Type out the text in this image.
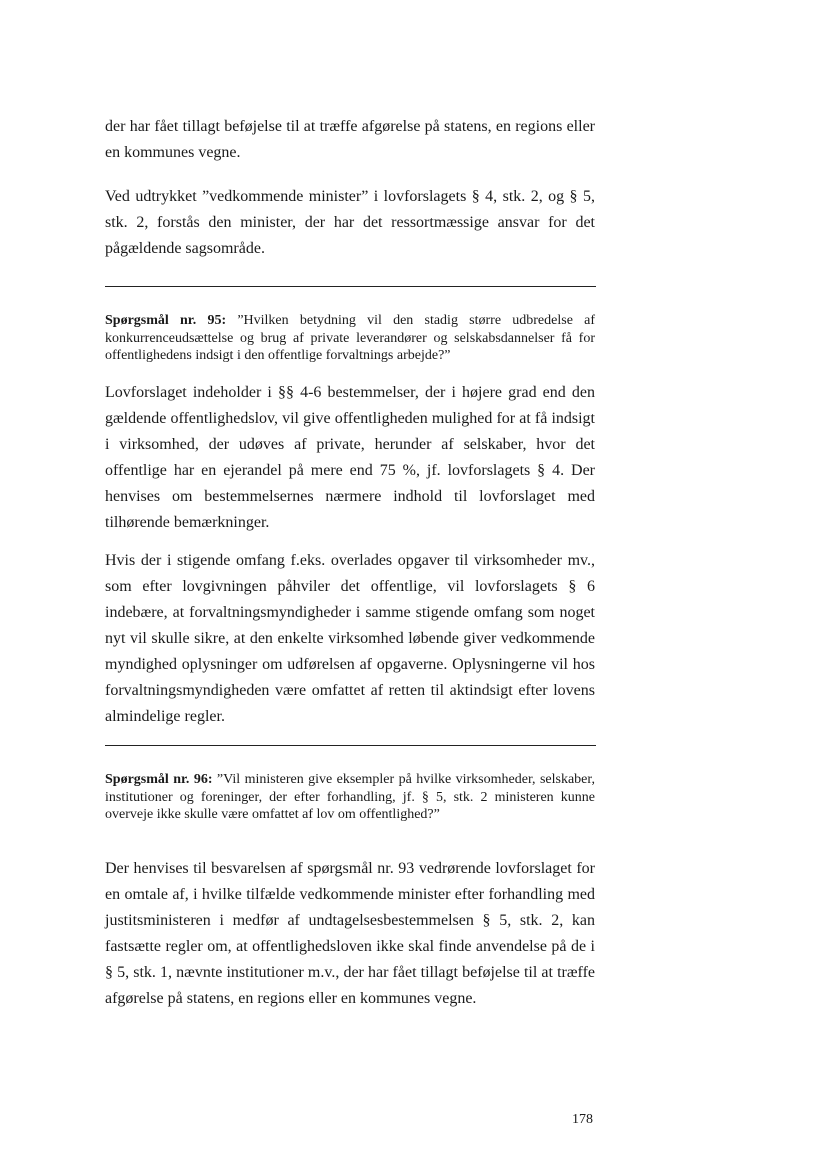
der har fået tillagt beføjelse til at træffe afgørelse på statens, en regions eller en kommunes vegne.

Ved udtrykket ”vedkommende minister” i lovforslagets § 4, stk. 2, og § 5, stk. 2, forstås den minister, der har det ressortmæssige ansvar for det pågældende sagsområde.

Spørgsmål nr. 95: ”Hvilken betydning vil den stadig større udbredelse af konkurrenceudsættelse og brug af private leverandører og selskabsdannelser få for offentlighedens indsigt i den offentlige forvaltnings arbejde?”

Lovforslaget indeholder i §§ 4-6 bestemmelser, der i højere grad end den gældende offentlighedslov, vil give offentligheden mulighed for at få indsigt i virksomhed, der udøves af private, herunder af selskaber, hvor det offentlige har en ejerandel på mere end 75 %, jf. lovforslagets § 4. Der henvises om bestemmelsernes nærmere indhold til lovforslaget med tilhørende bemærkninger.

Hvis der i stigende omfang f.eks. overlades opgaver til virksomheder mv., som efter lovgivningen påhviler det offentlige, vil lovforslagets § 6 indebære, at forvaltningsmyndigheder i samme stigende omfang som noget nyt vil skulle sikre, at den enkelte virksomhed løbende giver vedkommende myndighed oplysninger om udførelsen af opgaverne. Oplysningerne vil hos forvaltningsmyndigheden være omfattet af retten til aktindsigt efter lovens almindelige regler.

Spørgsmål nr. 96: ”Vil ministeren give eksempler på hvilke virksomheder, selskaber, institutioner og foreninger, der efter forhandling, jf. § 5, stk. 2 ministeren kunne overveje ikke skulle være omfattet af lov om offentlighed?”

Der henvises til besvarelsen af spørgsmål nr. 93 vedrørende lovforslaget for en omtale af, i hvilke tilfælde vedkommende minister efter forhandling med justitsministeren i medfør af undtagelsesbestemmelsen § 5, stk. 2, kan fastsætte regler om, at offentlighedsloven ikke skal finde anvendelse på de i § 5, stk. 1, nævnte institutioner m.v., der har fået tillagt beføjelse til at træffe afgørelse på statens, en regions eller en kommunes vegne.

178
